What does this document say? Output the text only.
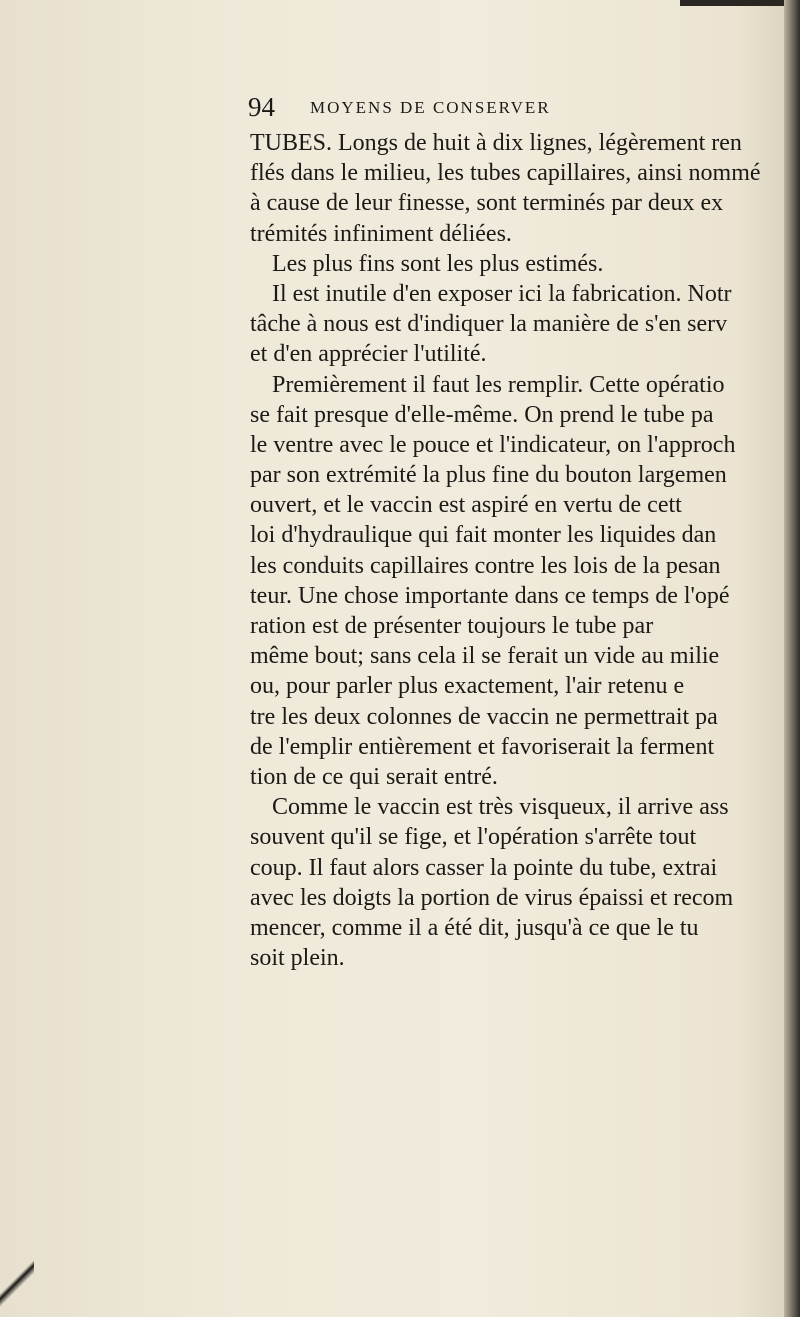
94 MOYENS DE CONSERVER
TUBES. Longs de huit à dix lignes, légèrement ren
flés dans le milieu, les tubes capillaires, ainsi nommé
à cause de leur finesse, sont terminés par deux ex
trémités infiniment déliées.
Les plus fins sont les plus estimés.
Il est inutile d'en exposer ici la fabrication. Notr
tâche à nous est d'indiquer la manière de s'en serv
et d'en apprécier l'utilité.
Premièrement il faut les remplir. Cette opératio
se fait presque d'elle-même. On prend le tube pa
le ventre avec le pouce et l'indicateur, on l'approch
par son extrémité la plus fine du bouton largemen
ouvert, et le vaccin est aspiré en vertu de cett
loi d'hydraulique qui fait monter les liquides dan
les conduits capillaires contre les lois de la pesan
teur. Une chose importante dans ce temps de l'opé
ration est de présenter toujours le tube par
même bout; sans cela il se ferait un vide au milie
ou, pour parler plus exactement, l'air retenu e
tre les deux colonnes de vaccin ne permettrait pa
de l'emplir entièrement et favoriserait la ferment
tion de ce qui serait entré.
Comme le vaccin est très visqueux, il arrive ass
souvent qu'il se fige, et l'opération s'arrête tout
coup. Il faut alors casser la pointe du tube, extrai
avec les doigts la portion de virus épaissi et recom
mencer, comme il a été dit, jusqu'à ce que le tu
soit plein.
